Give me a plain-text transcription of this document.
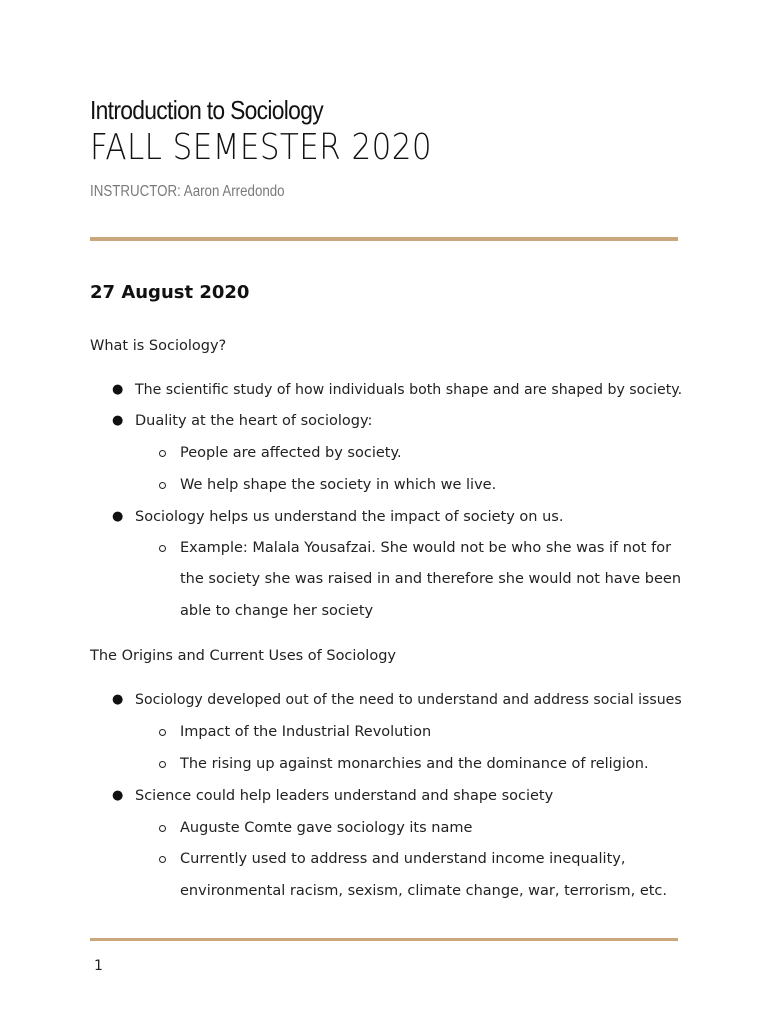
Introduction to Sociology
FALL SEMESTER 2020
INSTRUCTOR: Aaron Arredondo
27 August 2020
What is Sociology?
● The scientific study of how individuals both shape and are shaped by society.
● Duality at the heart of sociology:
People are affected by society.
We help shape the society in which we live.
● Sociology helps us understand the impact of society on us.
Example: Malala Yousafzai. She would not be who she was if not for
the society she was raised in and therefore she would not have been
able to change her society
The Origins and Current Uses of Sociology
● Sociology developed out of the need to understand and address social issues
Impact of the Industrial Revolution
The rising up against monarchies and the dominance of religion.
● Science could help leaders understand and shape society
Auguste Comte gave sociology its name
Currently used to address and understand income inequality,
environmental racism, sexism, climate change, war, terrorism, etc.
1
